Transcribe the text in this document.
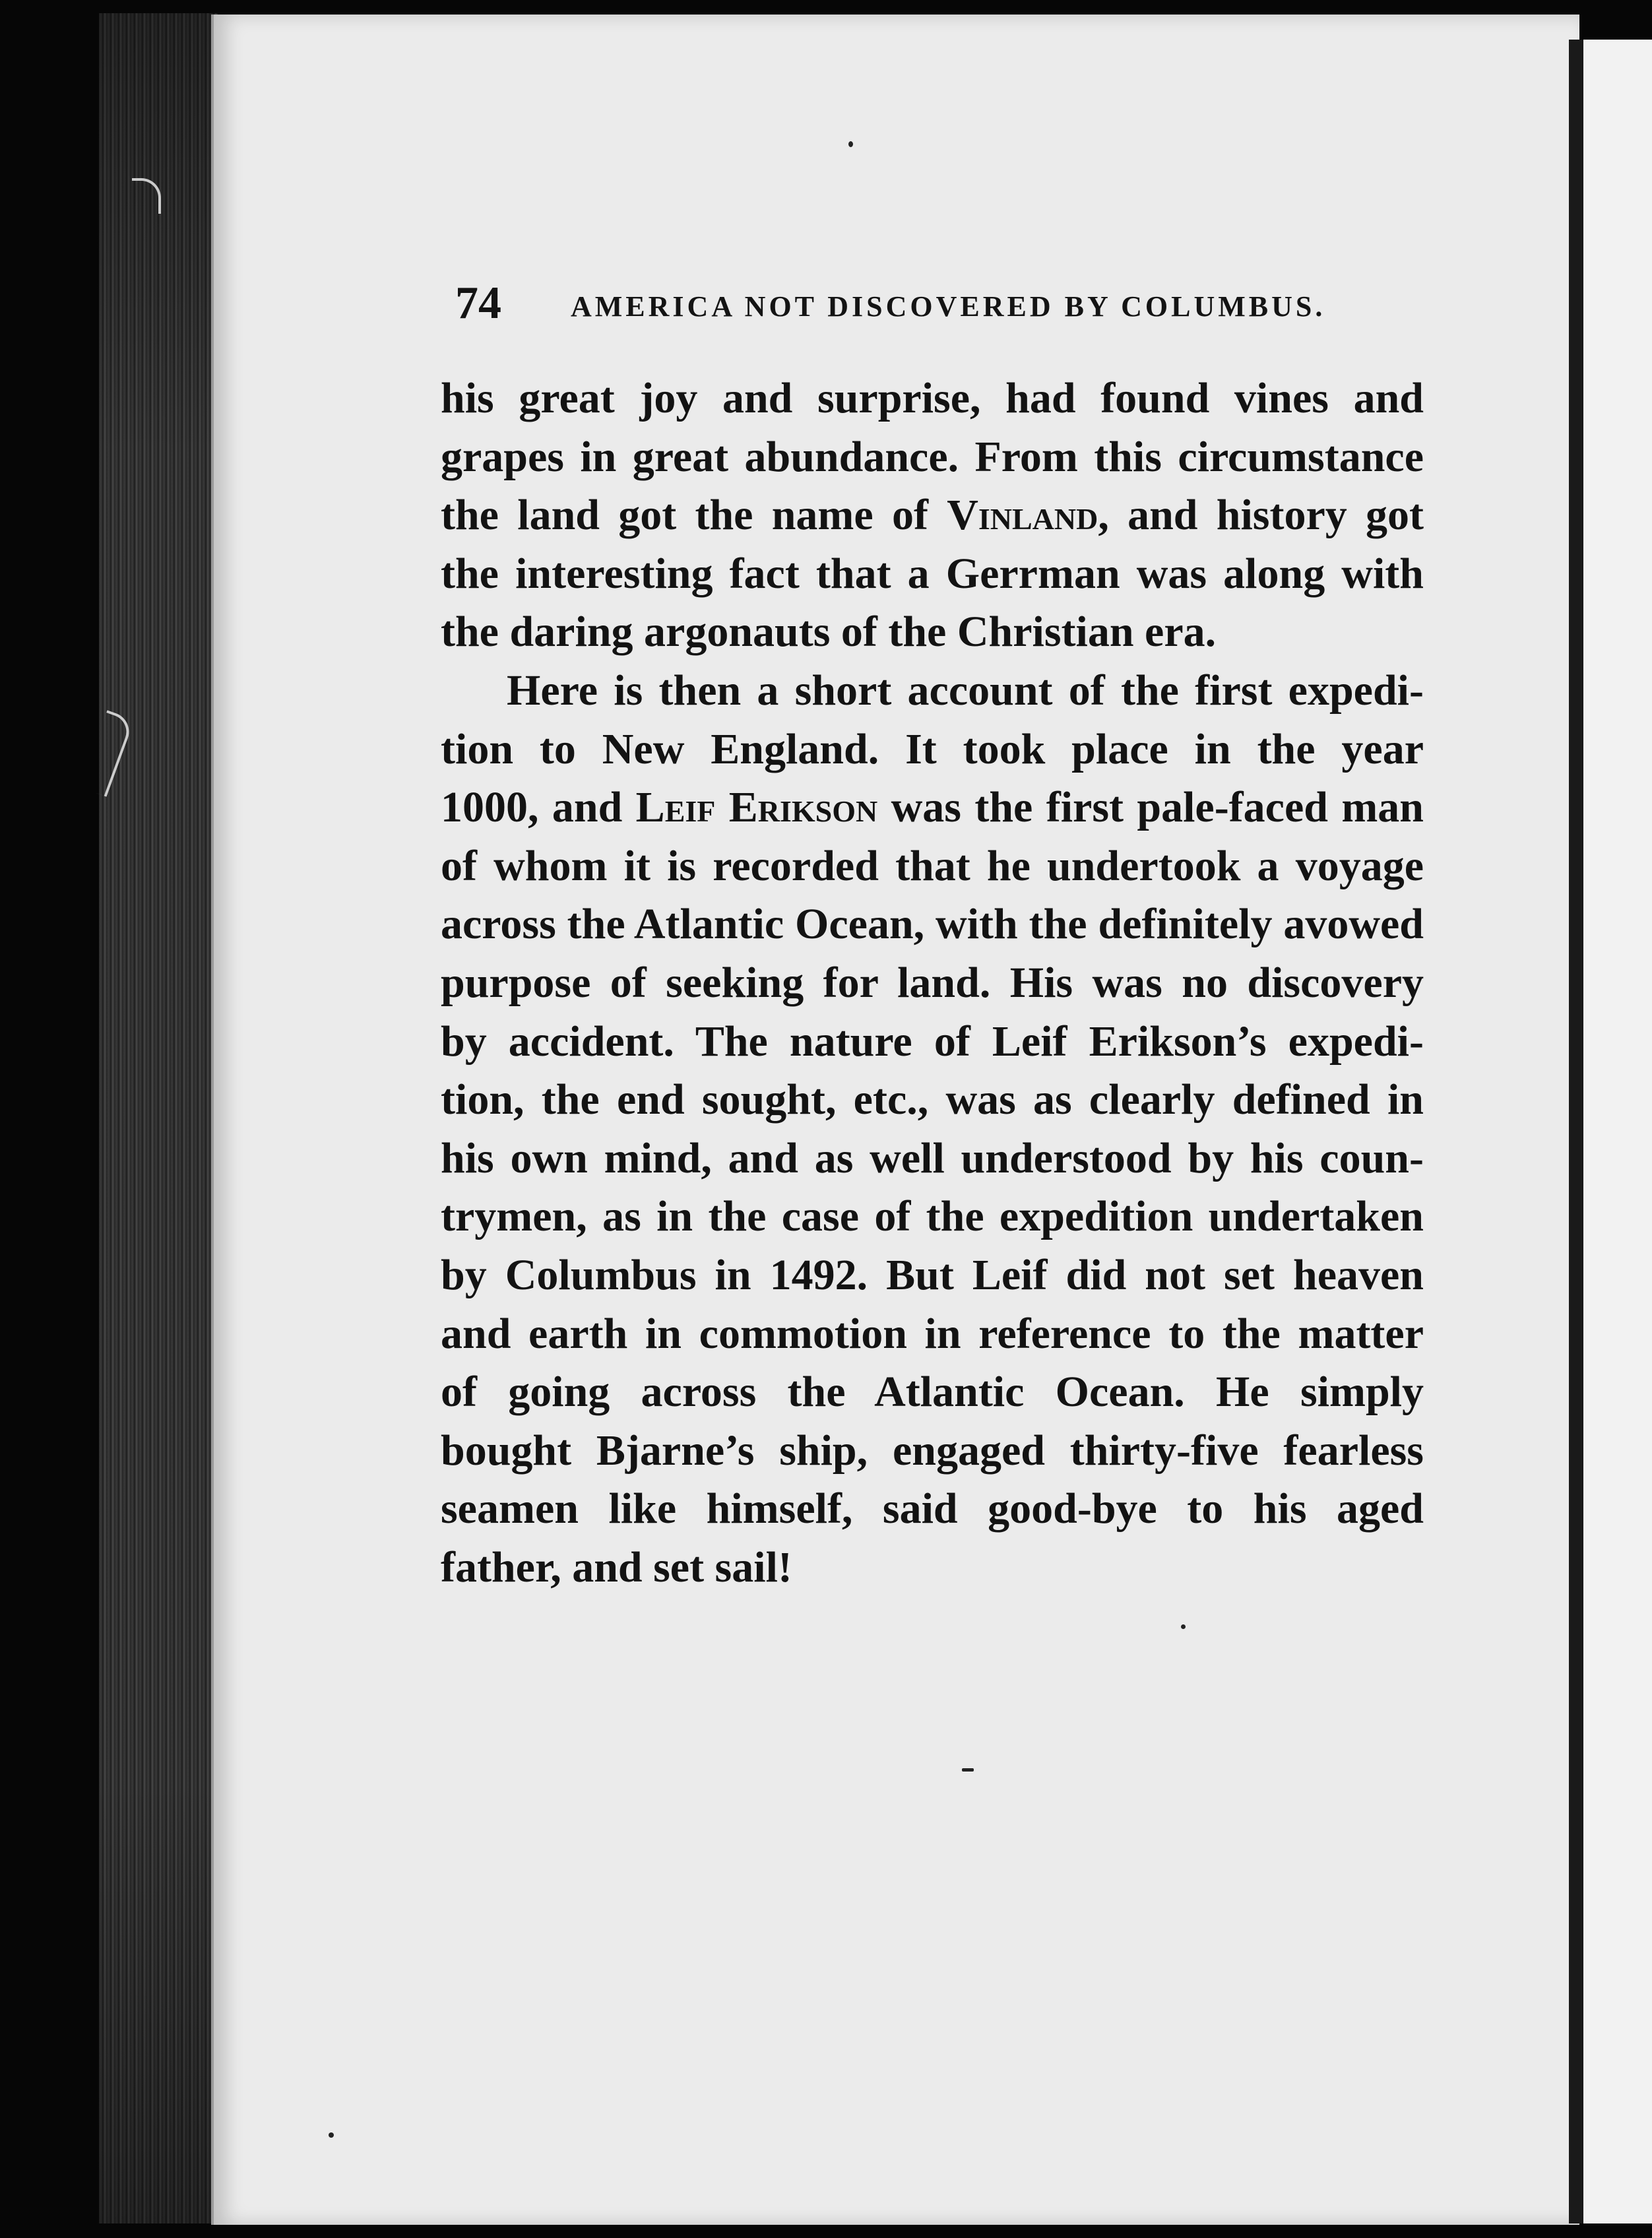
74 AMERICA NOT DISCOVERED BY COLUMBUS.
his great joy and surprise, had found vines and
grapes in great abundance. From this circumstance
the land got the name of Vinland, and history got
the interesting fact that a Gerrman was along with
the daring argonauts of the Christian era.
Here is then a short account of the first expedi-
tion to New England. It took place in the year
1000, and Leif Erikson was the first pale-faced man
of whom it is recorded that he undertook a voyage
across the Atlantic Ocean, with the definitely avowed
purpose of seeking for land. His was no discovery
by accident. The nature of Leif Erikson’s expedi-
tion, the end sought, etc., was as clearly defined in
his own mind, and as well understood by his coun-
trymen, as in the case of the expedition undertaken
by Columbus in 1492. But Leif did not set heaven
and earth in commotion in reference to the matter
of going across the Atlantic Ocean. He simply
bought Bjarne’s ship, engaged thirty-five fearless
seamen like himself, said good-bye to his aged
father, and set sail!
